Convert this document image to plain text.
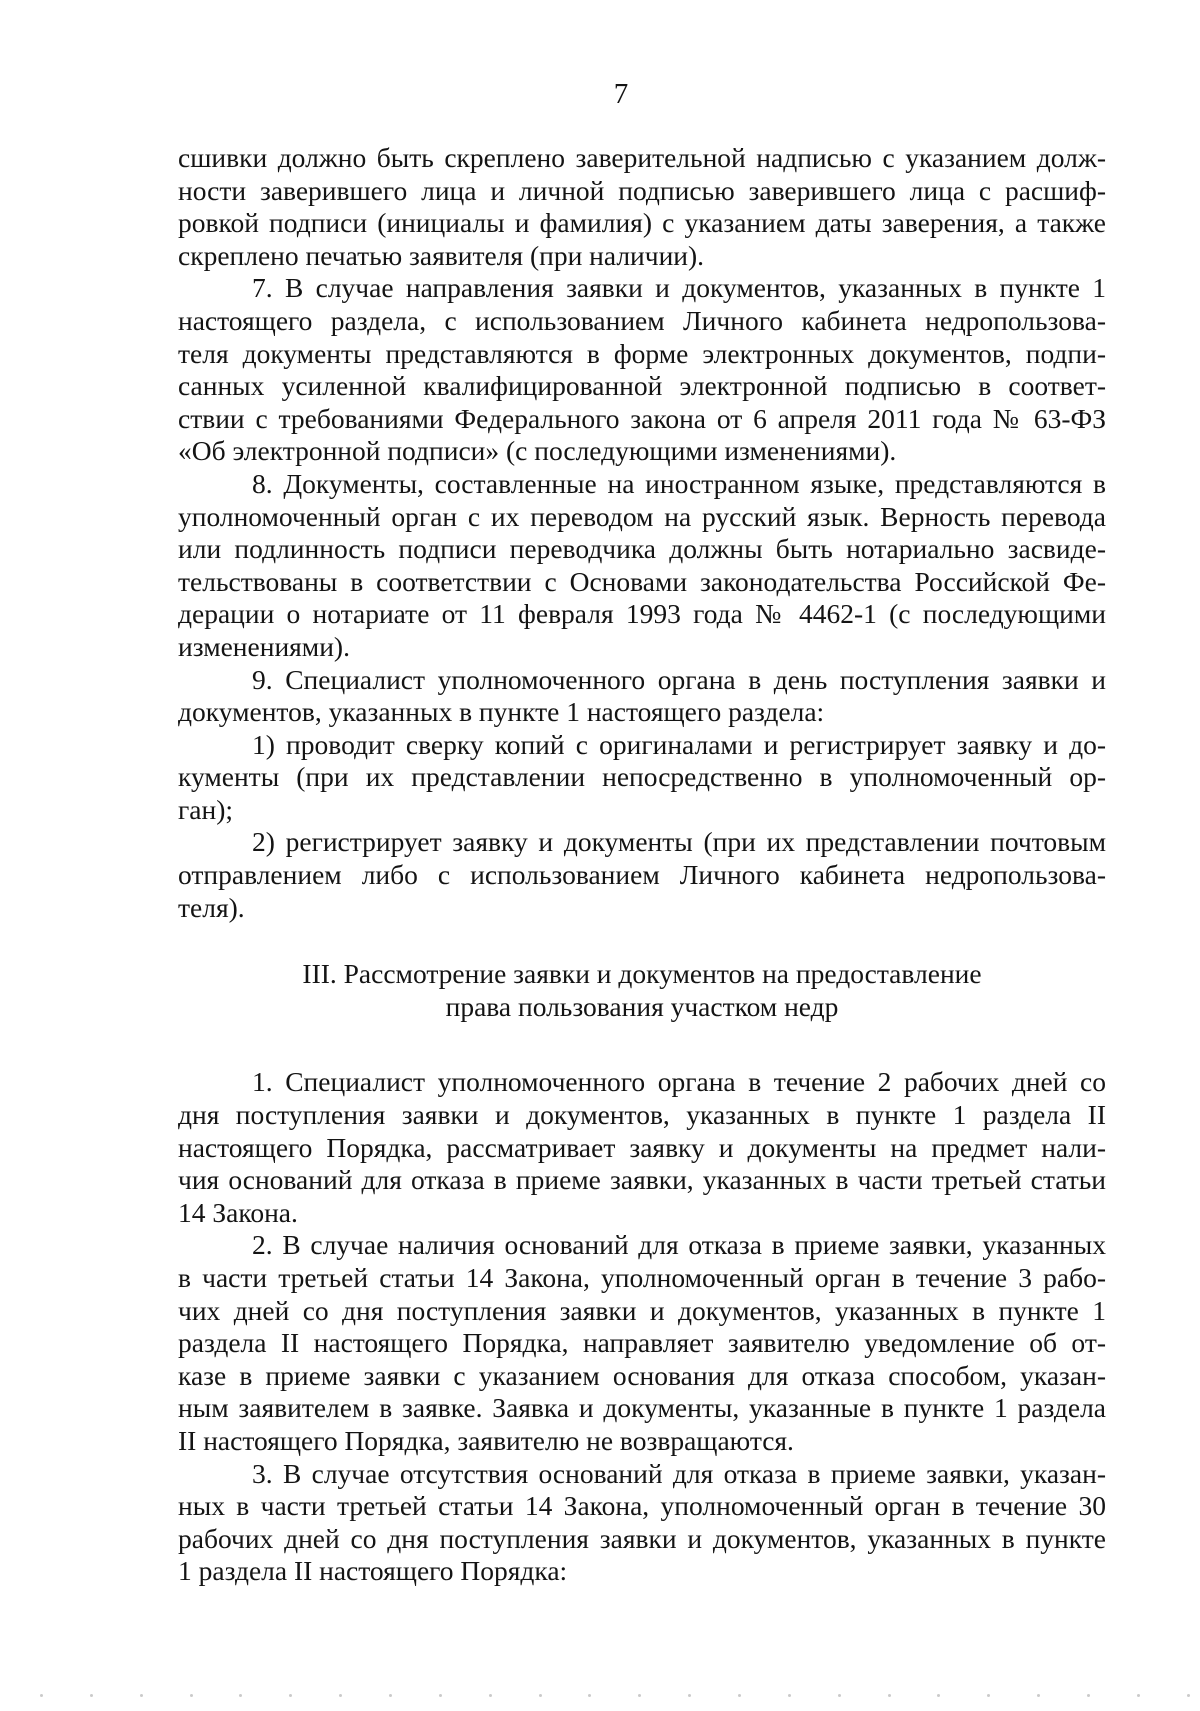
7
сшивки должно быть скреплено заверительной надписью с указанием долж-
ности заверившего лица и личной подписью заверившего лица с расшиф-
ровкой подписи (инициалы и фамилия) с указанием даты заверения, а также
скреплено печатью заявителя (при наличии).
7. В случае направления заявки и документов, указанных в пункте 1
настоящего раздела, с использованием Личного кабинета недропользова-
теля документы представляются в форме электронных документов, подпи-
санных усиленной квалифицированной электронной подписью в соответ-
ствии с требованиями Федерального закона от 6 апреля 2011 года № 63-ФЗ
«Об электронной подписи» (с последующими изменениями).
8. Документы, составленные на иностранном языке, представляются в
уполномоченный орган с их переводом на русский язык. Верность перевода
или подлинность подписи переводчика должны быть нотариально засвиде-
тельствованы в соответствии с Основами законодательства Российской Фе-
дерации о нотариате от 11 февраля 1993 года № 4462-1 (с последующими
изменениями).
9. Специалист уполномоченного органа в день поступления заявки и
документов, указанных в пункте 1 настоящего раздела:
1) проводит сверку копий с оригиналами и регистрирует заявку и до-
кументы (при их представлении непосредственно в уполномоченный ор-
ган);
2) регистрирует заявку и документы (при их представлении почтовым
отправлением либо с использованием Личного кабинета недропользова-
теля).
III. Рассмотрение заявки и документов на предоставление
права пользования участком недр
1. Специалист уполномоченного органа в течение 2 рабочих дней со
дня поступления заявки и документов, указанных в пункте 1 раздела II
настоящего Порядка, рассматривает заявку и документы на предмет нали-
чия оснований для отказа в приеме заявки, указанных в части третьей статьи
14 Закона.
2. В случае наличия оснований для отказа в приеме заявки, указанных
в части третьей статьи 14 Закона, уполномоченный орган в течение 3 рабо-
чих дней со дня поступления заявки и документов, указанных в пункте 1
раздела II настоящего Порядка, направляет заявителю уведомление об от-
казе в приеме заявки с указанием основания для отказа способом, указан-
ным заявителем в заявке. Заявка и документы, указанные в пункте 1 раздела
II настоящего Порядка, заявителю не возвращаются.
3. В случае отсутствия оснований для отказа в приеме заявки, указан-
ных в части третьей статьи 14 Закона, уполномоченный орган в течение 30
рабочих дней со дня поступления заявки и документов, указанных в пункте
1 раздела II настоящего Порядка:
